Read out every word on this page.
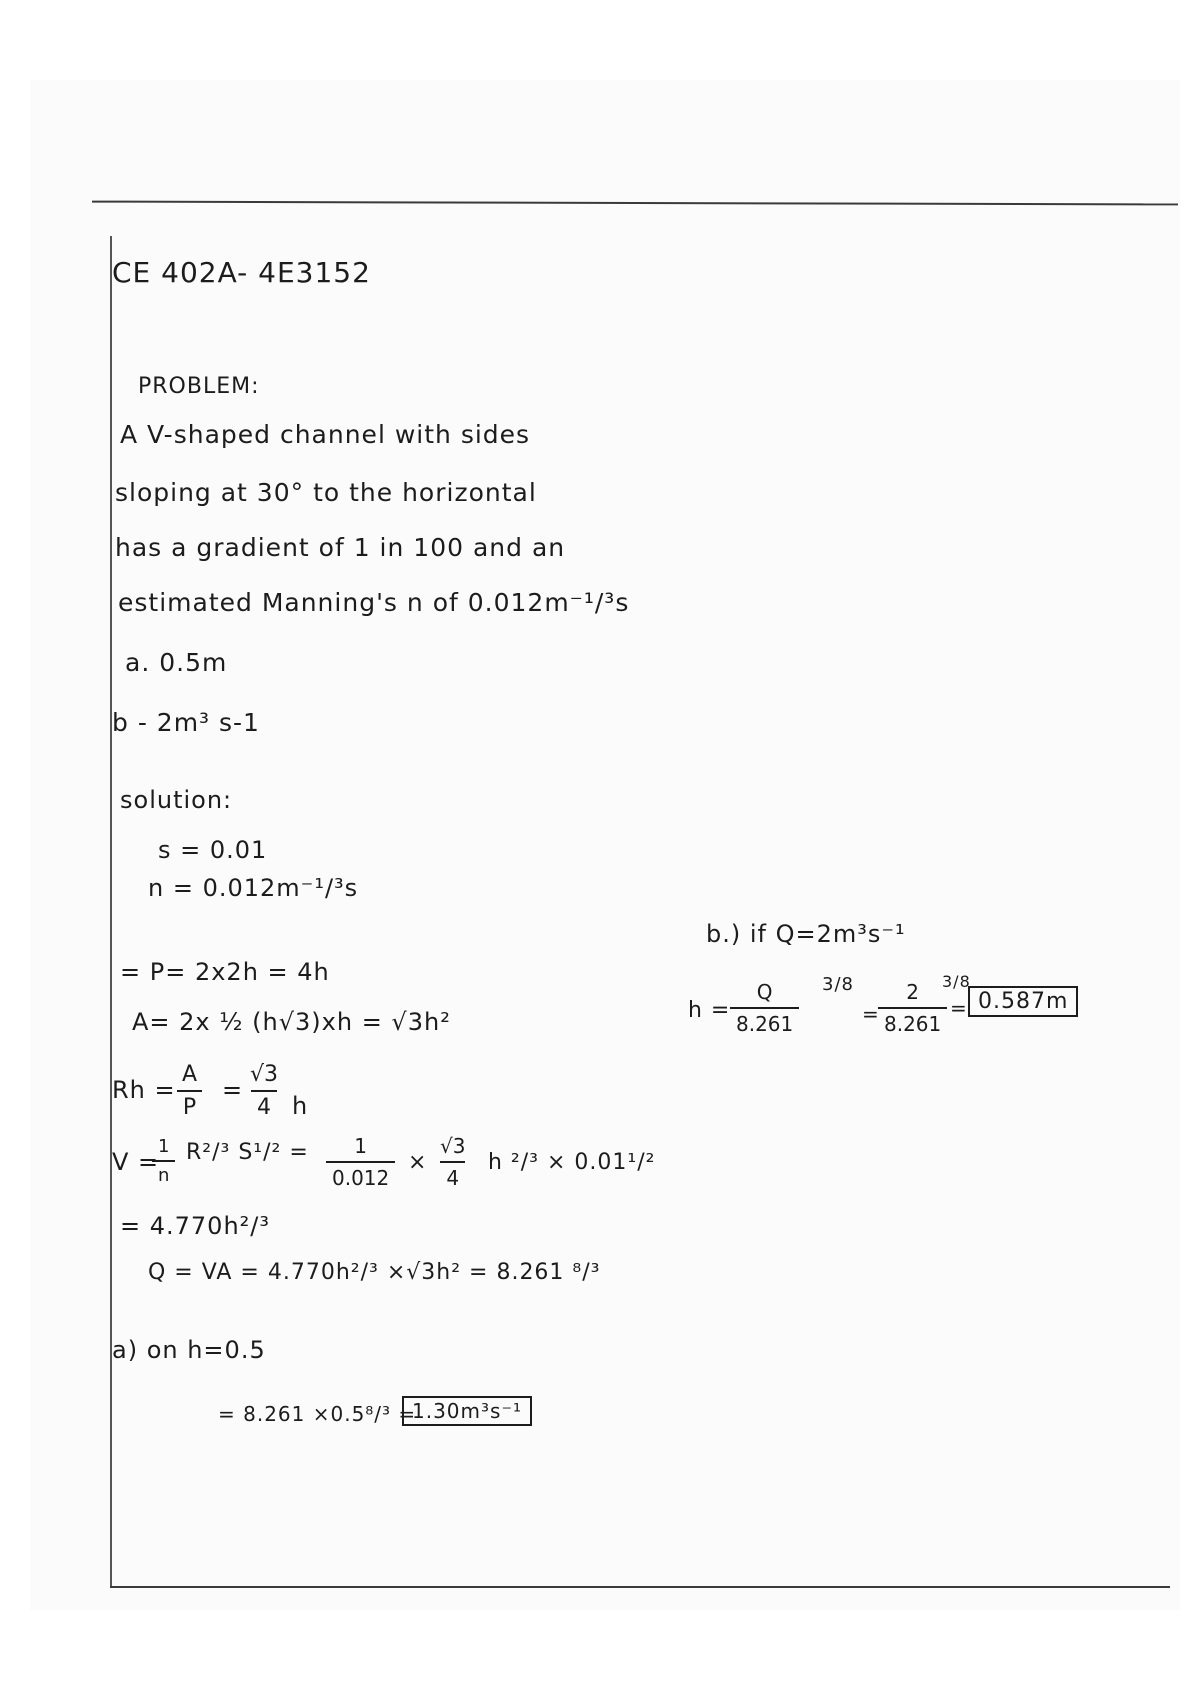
CE 402A- 4E3152

PROBLEM:

A V-shaped channel with sides

sloping at 30° to the horizontal

has a gradient of 1 in 100 and an

estimated Manning's n of 0.012m⁻¹/³s

a. 0.5m

b - 2m³ s-1

solution:

s = 0.01

n = 0.012m⁻¹/³s

= P= 2x2h = 4h

A= 2x ½ (h√3)xh = √3h²

$Rh = \frac{A}{P} = \frac{√3}{4}$ h

V =

$\frac{1}{n} R^2/^3$ $S^1/^2 = \frac{1}{0.012} \times \frac{√3}{4}$ h ²/³ × 0.01¹/²

= 4.770h²/³

Q = VA = 4.770h²/³ ×√3h² = 8.261 ⁸/³

a) on h=0.5

= 8.261 ×0.5⁸/³ =

1.30m³s⁻¹

b.) if Q=2m³s⁻¹

$h = \frac{Q}{8.261} 3/8$

=

$\frac{2}{8.261}$

3/8

= 0.587m
